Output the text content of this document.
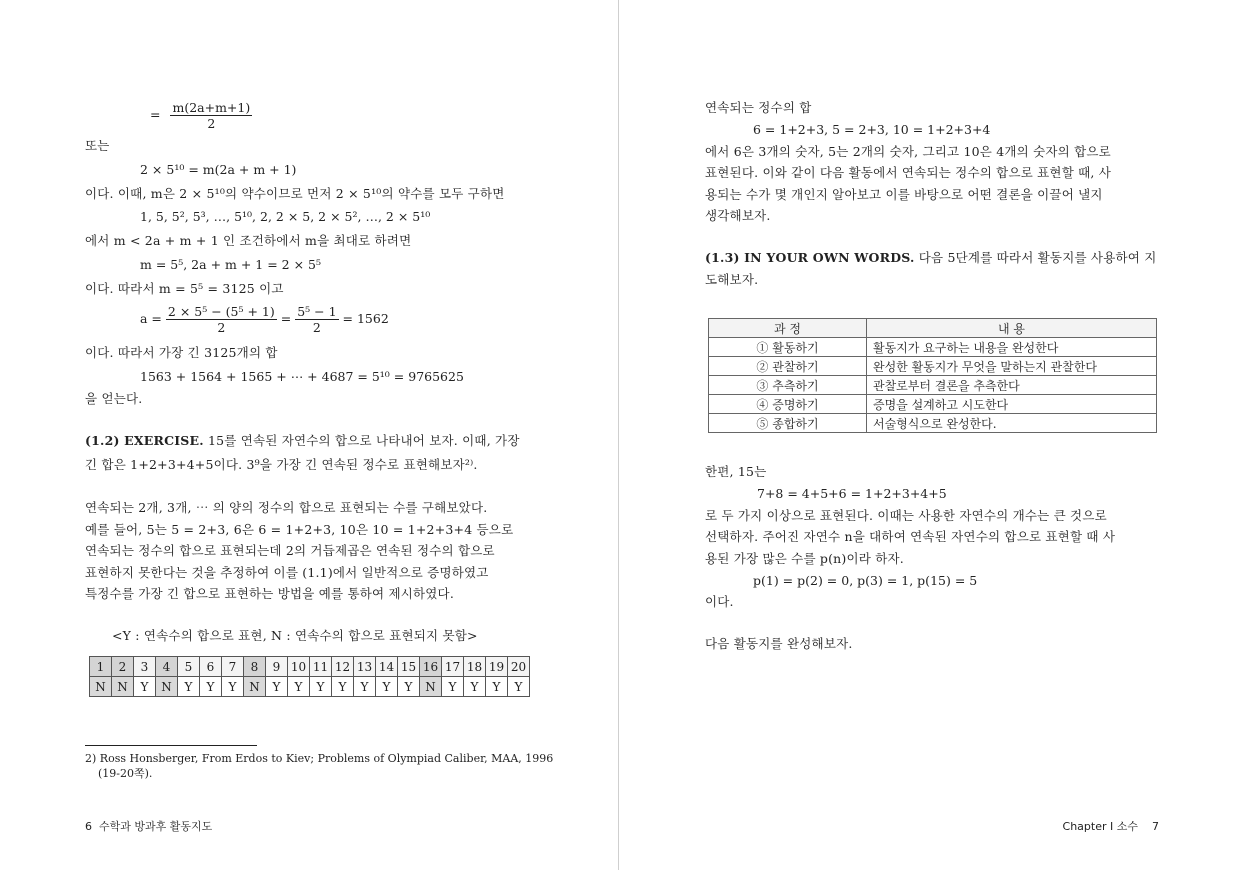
= $\frac{m(2a+m+1)}{2}$
또는
2 × 5¹⁰ = m(2a + m + 1)
이다. 이때, m은 2 × 5¹⁰의 약수이므로 먼저 2 × 5¹⁰의 약수를 모두 구하면
1, 5, 5², 5³, …, 5¹⁰, 2, 2 × 5, 2 × 5², …, 2 × 5¹⁰
에서 m < 2a + m + 1 인 조건하에서 m을 최대로 하려면
m = 5⁵, 2a + m + 1 = 2 × 5⁵
이다. 따라서 m = 5⁵ = 3125 이고
$a = \frac{\text{2 × 5⁵ − (5⁵ + 1)}}{2} = \frac{\text{5⁵ − 1}}{2} = 1562$
이다. 따라서 가장 긴 3125개의 합
1563 + 1564 + 1565 + ⋯ + 4687 = 5¹⁰ = 9765625
을 얻는다.
(1.2) EXERCISE. 15를 연속된 자연수의 합으로 나타내어 보자. 이때, 가장
긴 합은 1+2+3+4+5이다. 3⁹을 가장 긴 연속된 정수로 표현해보자²⁾.
연속되는 2개, 3개, ⋯ 의 양의 정수의 합으로 표현되는 수를 구해보았다.
예를 들어, 5는 5 = 2+3, 6은 6 = 1+2+3, 10은 10 = 1+2+3+4 등으로
연속되는 정수의 합으로 표현되는데 2의 거듭제곱은 연속된 정수의 합으로
표현하지 못한다는 것을 추정하여 이를 (1.1)에서 일반적으로 증명하였고
특정수를 가장 긴 합으로 표현하는 방법을 예를 통하여 제시하였다.
<Y : 연속수의 합으로 표현, N : 연속수의 합으로 표현되지 못함>
1	2	3	4	5	6	7	8	9	10	11	12	13	14	15	16	17	18	19	20
N	N	Y	N	Y	Y	Y	N	Y	Y	Y	Y	Y	Y	Y	N	Y	Y	Y	Y
2) Ross Honsberger, From Erdos to Kiev; Problems of Olympiad Caliber, MAA, 1996
(19-20쪽).
6 수학과 방과후 활동지도
연속되는 정수의 합
6 = 1+2+3, 5 = 2+3, 10 = 1+2+3+4
에서 6은 3개의 숫자, 5는 2개의 숫자, 그리고 10은 4개의 숫자의 합으로
표현된다. 이와 같이 다음 활동에서 연속되는 정수의 합으로 표현할 때, 사
용되는 수가 몇 개인지 알아보고 이를 바탕으로 어떤 결론을 이끌어 낼지
생각해보자.
(1.3) IN YOUR OWN WORDS. 다음 5단계를 따라서 활동지를 사용하여 지
도해보자.
과 정	내 용
① 활동하기	활동지가 요구하는 내용을 완성한다
② 관찰하기	완성한 활동지가 무엇을 말하는지 관찰한다
③ 추측하기	관찰로부터 결론을 추측한다
④ 증명하기	증명을 설계하고 시도한다
⑤ 종합하기	서술형식으로 완성한다.
한편, 15는
7+8 = 4+5+6 = 1+2+3+4+5
로 두 가지 이상으로 표현된다. 이때는 사용한 자연수의 개수는 큰 것으로
선택하자. 주어진 자연수 n을 대하여 연속된 자연수의 합으로 표현할 때 사
용된 가장 많은 수를 p(n)이라 하자.
p(1) = p(2) = 0, p(3) = 1, p(15) = 5
이다.
다음 활동지를 완성해보자.
Chapter Ⅰ 소수 7
